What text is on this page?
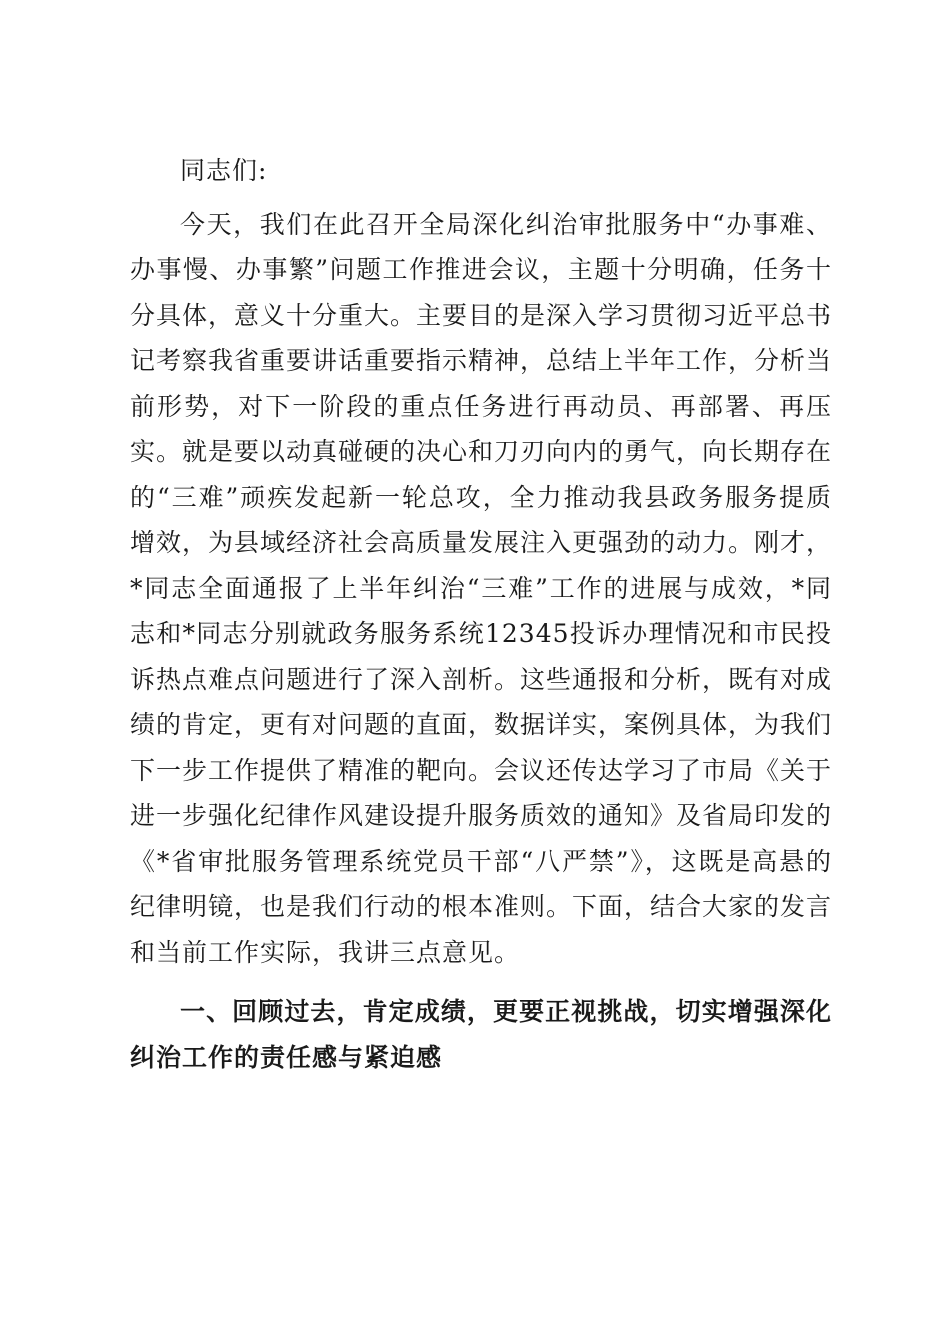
同志们:

今天，我们在此召开全局深化纠治审批服务中“办事难、办事慢、办事繁”问题工作推进会议，主题十分明确，任务十分具体，意义十分重大。主要目的是深入学习贯彻习近平总书记考察我省重要讲话重要指示精神，总结上半年工作，分析当前形势，对下一阶段的重点任务进行再动员、再部署、再压实。就是要以动真碰硬的决心和刀刃向内的勇气，向长期存在的“三难”顽疾发起新一轮总攻，全力推动我县政务服务提质增效，为县域经济社会高质量发展注入更强劲的动力。刚才，*同志全面通报了上半年纠治“三难”工作的进展与成效，*同志和*同志分别就政务服务系统12345投诉办理情况和市民投诉热点难点问题进行了深入剖析。这些通报和分析，既有对成绩的肯定，更有对问题的直面，数据详实，案例具体，为我们下一步工作提供了精准的靶向。会议还传达学习了市局《关于进一步强化纪律作风建设提升服务质效的通知》及省局印发的《*省审批服务管理系统党员干部“八严禁”》，这既是高悬的纪律明镜，也是我们行动的根本准则。下面，结合大家的发言和当前工作实际，我讲三点意见。

一、回顾过去，肯定成绩，更要正视挑战，切实增强深化纠治工作的责任感与紧迫感
